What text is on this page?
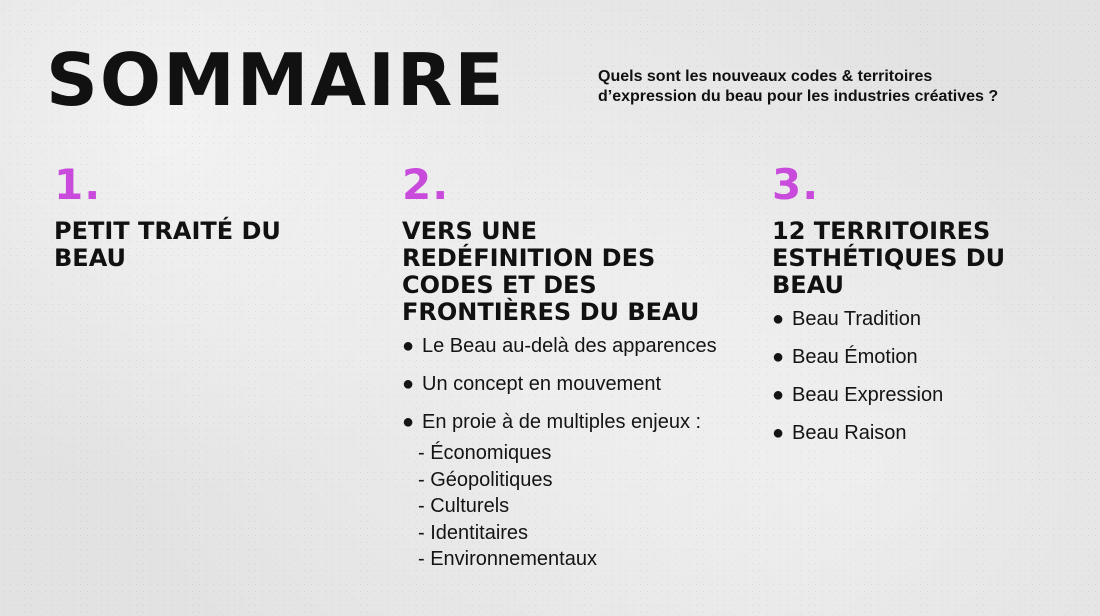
SOMMAIRE	Quels sont les nouveaux codes & territoires
d’expression du beau pour les industries créatives ?
1.
PETIT TRAITÉ DU
BEAU
2.
VERS UNE
REDÉFINITION DES
CODES ET DES
FRONTIÈRES DU BEAU
● Le Beau au-delà des apparences
● Un concept en mouvement
● En proie à de multiples enjeux :
- Économiques
- Géopolitiques
- Culturels
- Identitaires
- Environnementaux
3.
12 TERRITOIRES
ESTHÉTIQUES DU
BEAU
● Beau Tradition
● Beau Émotion
● Beau Expression
● Beau Raison
